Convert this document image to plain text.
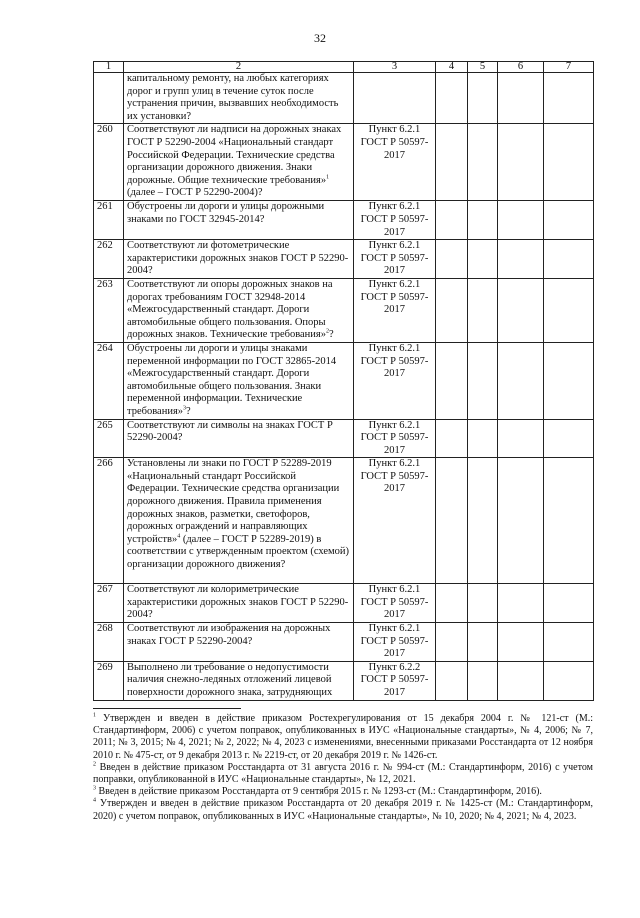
32
1	2	3	4	5	6	7
	капитальному ремонту, на любых категориях дорог и групп улиц в течение суток после устранения причин, вызвавших необходимость их установки?					
260	Соответствуют ли надписи на дорожных знаках ГОСТ Р 52290-2004 «Национальный стандарт Российской Федерации. Технические средства организации дорожного движения. Знаки дорожные. Общие технические требования»$^1$ (далее – ГОСТ Р 52290-2004)?	Пункт 6.2.1 ГОСТ Р 50597-2017				
261	Обустроены ли дороги и улицы дорожными знаками по ГОСТ 32945-2014?	Пункт 6.2.1 ГОСТ Р 50597-2017				
262	Соответствуют ли фотометрические характеристики дорожных знаков ГОСТ Р 52290-2004?	Пункт 6.2.1 ГОСТ Р 50597-2017				
263	Соответствуют ли опоры дорожных знаков на дорогах требованиям ГОСТ 32948-2014 «Межгосударственный стандарт. Дороги автомобильные общего пользования. Опоры дорожных знаков. Технические требования»$^2$?	Пункт 6.2.1 ГОСТ Р 50597-2017				
264	Обустроены ли дороги и улицы знаками переменной информации по ГОСТ 32865-2014 «Межгосударственный стандарт. Дороги автомобильные общего пользования. Знаки переменной информации. Технические требования»$^3$?	Пункт 6.2.1 ГОСТ Р 50597-2017				
265	Соответствуют ли символы на знаках ГОСТ Р 52290-2004?	Пункт 6.2.1 ГОСТ Р 50597-2017				
266	Установлены ли знаки по ГОСТ Р 52289-2019 «Национальный стандарт Российской Федерации. Технические средства организации дорожного движения. Правила применения дорожных знаков, разметки, светофоров, дорожных ограждений и направляющих устройств»$^4$ (далее – ГОСТ Р 52289-2019) в соответствии с утвержденным проектом (схемой) организации дорожного движения?	Пункт 6.2.1 ГОСТ Р 50597-2017				
267	Соответствуют ли колориметрические характеристики дорожных знаков ГОСТ Р 52290-2004?	Пункт 6.2.1 ГОСТ Р 50597-2017				
268	Соответствуют ли изображения на дорожных знаках ГОСТ Р 52290-2004?	Пункт 6.2.1 ГОСТ Р 50597-2017				
269	Выполнено ли требование о недопустимости наличия снежно-ледяных отложений лицевой поверхности дорожного знака, затрудняющих	Пункт 6.2.2 ГОСТ Р 50597-2017				

$^1$ Утвержден и введен в действие приказом Ростехрегулирования от 15 декабря 2004 г. № 121-ст (М.: Стандартинформ, 2006) с учетом поправок, опубликованных в ИУС «Национальные стандарты», № 4, 2006; № 7, 2011; № 3, 2015; № 4, 2021; № 2, 2022; № 4, 2023 с изменениями, внесенными приказами Росстандарта от 12 ноября 2010 г. № 475-ст, от 9 декабря 2013 г. № 2219-ст, от 20 декабря 2019 г. № 1426-ст.

$^2$ Введен в действие приказом Росстандарта от 31 августа 2016 г. № 994-ст (М.: Стандартинформ, 2016) с учетом поправки, опубликованной в ИУС «Национальные стандарты», № 12, 2021.

$^3$ Введен в действие приказом Росстандарта от 9 сентября 2015 г. № 1293-ст (М.: Стандартинформ, 2016).

$^4$ Утвержден и введен в действие приказом Росстандарта от 20 декабря 2019 г. № 1425-ст (М.: Стандартинформ, 2020) с учетом поправок, опубликованных в ИУС «Национальные стандарты», № 10, 2020; № 4, 2021; № 4, 2023.
